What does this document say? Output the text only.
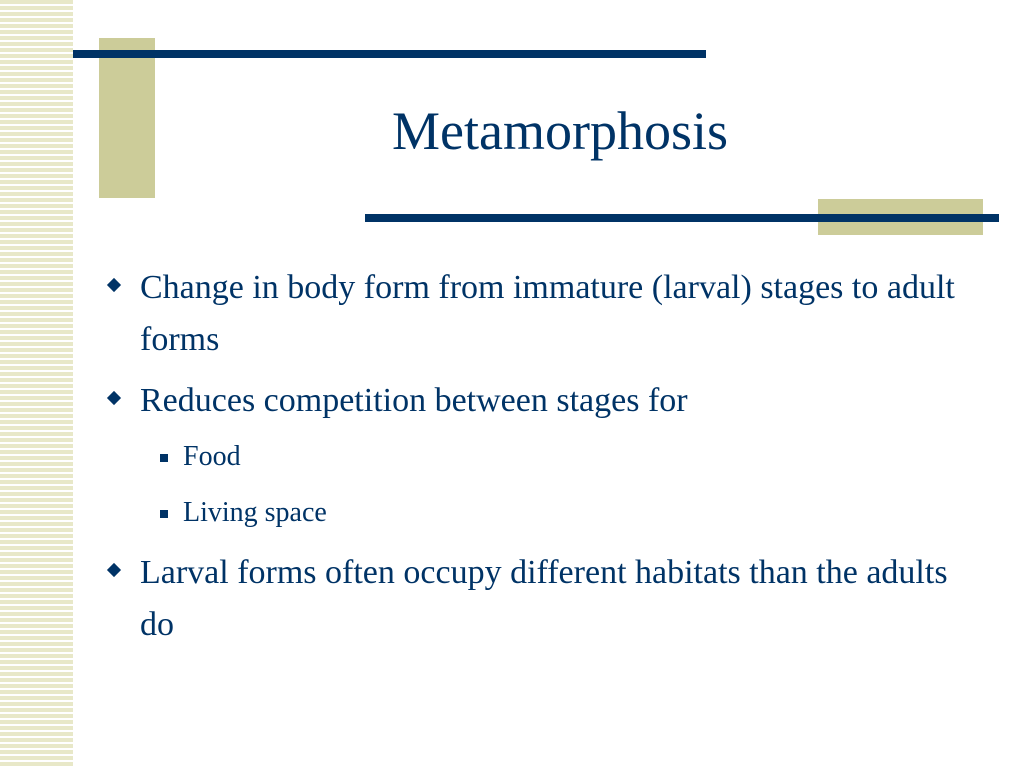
Metamorphosis
Change in body form from immature (larval) stages to adult forms
Reduces competition between stages for
Food
Living space
Larval forms often occupy different habitats than the adults do
